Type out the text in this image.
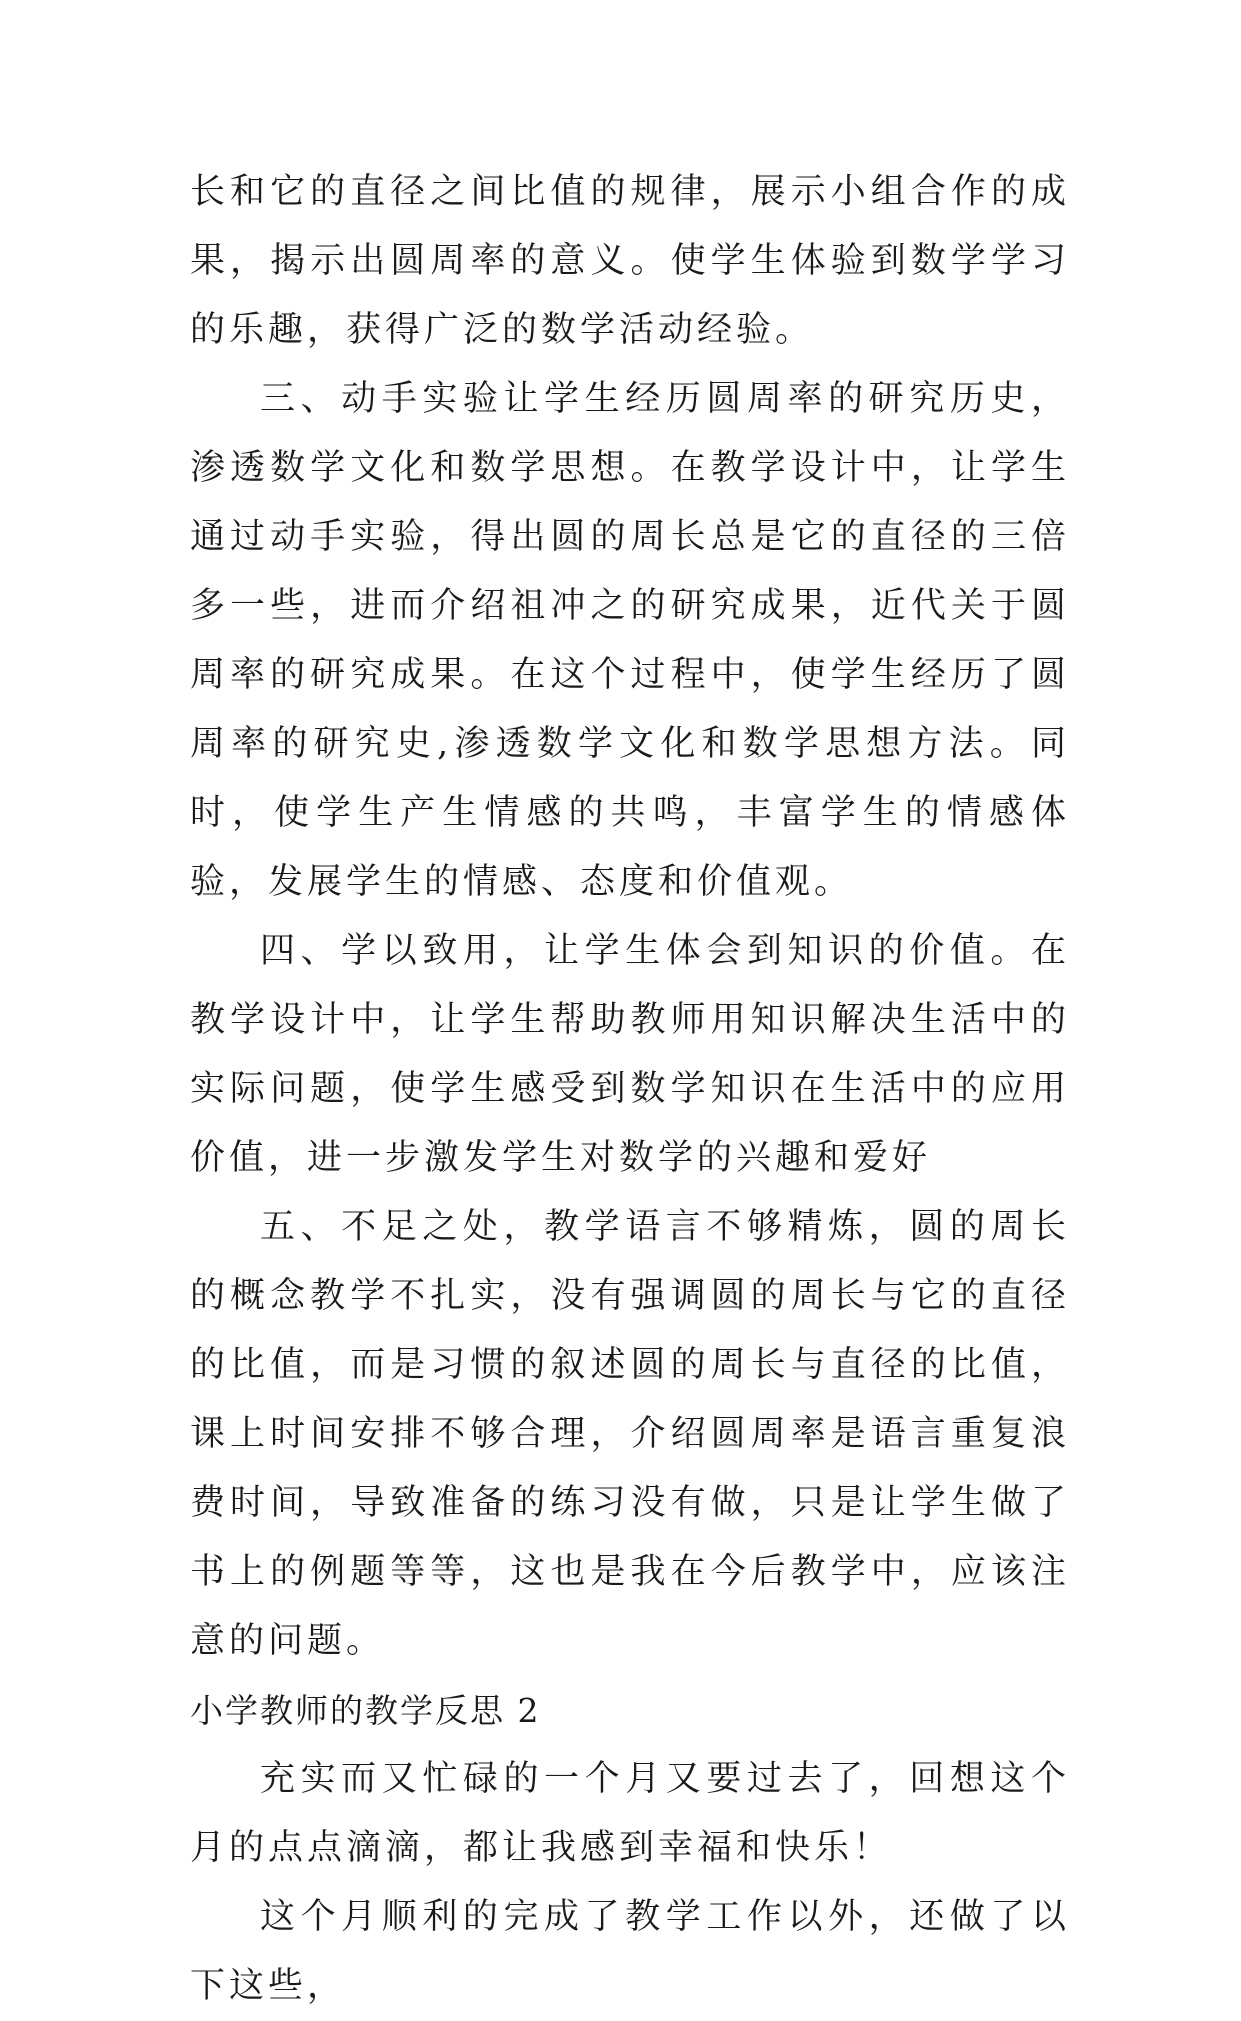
长和它的直径之间比值的规律，展示小组合作的成果，揭示出圆周率的意义。使学生体验到数学学习的乐趣，获得广泛的数学活动经验。

三、动手实验让学生经历圆周率的研究历史，渗透数学文化和数学思想。在教学设计中，让学生通过动手实验，得出圆的周长总是它的直径的三倍多一些，进而介绍祖冲之的研究成果，近代关于圆周率的研究成果。在这个过程中，使学生经历了圆周率的研究史,渗透数学文化和数学思想方法。同时，使学生产生情感的共鸣，丰富学生的情感体验，发展学生的情感、态度和价值观。

四、学以致用，让学生体会到知识的价值。在教学设计中，让学生帮助教师用知识解决生活中的实际问题，使学生感受到数学知识在生活中的应用价值，进一步激发学生对数学的兴趣和爱好

五、不足之处，教学语言不够精炼，圆的周长的概念教学不扎实，没有强调圆的周长与它的直径的比值，而是习惯的叙述圆的周长与直径的比值，课上时间安排不够合理，介绍圆周率是语言重复浪费时间，导致准备的练习没有做，只是让学生做了书上的例题等等，这也是我在今后教学中，应该注意的问题。

小学教师的教学反思 2

充实而又忙碌的一个月又要过去了，回想这个月的点点滴滴，都让我感到幸福和快乐！

这个月顺利的完成了教学工作以外，还做了以下这些，
